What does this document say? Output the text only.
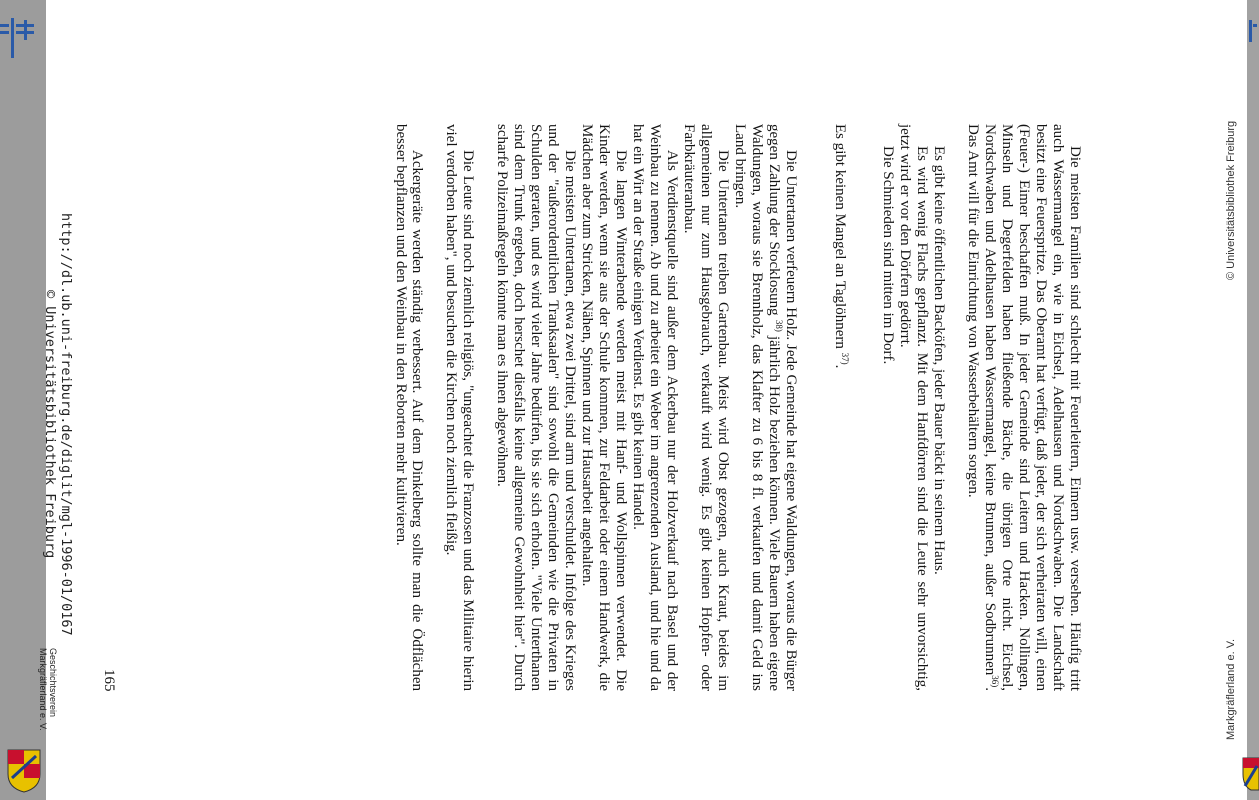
Die meisten Familien sind schlecht mit Feuerleitern, Eimern usw. versehen. Häufig tritt auch Wassermangel ein, wie in Eichsel, Adelhausen und Nordschwaben. Die Landschaft besitzt eine Feuerspritze. Das Oberamt hat verfügt, daß jeder, der sich verheiraten will, einen (Feuer-) Eimer beschaffen muß. In jeder Gemeinde sind Leitern und Hacken. Nollingen, Minseln und Degerfelden haben fließende Bäche, die übrigen Orte nicht. Eichsel, Nordschwaben und Adelhausen haben Wassermangel, keine Brunnen, außer Sodbrunnen$^{36)}$. Das Amt will für die Einrichtung von Wasserbehältern sorgen.

Es gibt keine öffentlichen Backöfen, jeder Bauer bäckt in seinem Haus.

Es wird wenig Flachs gepflanzt. Mit dem Hanfdörren sind die Leute sehr unvorsichtig, jetzt wird er vor den Dörfern gedörrt.

Die Schmieden sind mitten im Dorf.

Es gibt keinen Mangel an Taglöhnern $^{37)}$.

Die Untertanen verfeuern Holz. Jede Gemeinde hat eigene Waldungen, woraus die Bürger gegen Zahlung der Stocklosung $^{38)}$ jährlich Holz beziehen können. Viele Bauern haben eigene Waldungen, woraus sie Brennholz, das Klafter zu 6 bis 8 fl. verkaufen und damit Geld ins Land bringen.

Die Untertanen treiben Gartenbau. Meist wird Obst gezogen, auch Kraut, beides im allgemeinen nur zum Hausgebrauch, verkauft wird wenig. Es gibt keinen Hopfen- oder Farbkräuteranbau.

Als Verdienstquelle sind außer dem Ackerbau nur der Holzverkauf nach Basel und der Weinbau zu nennen. Ab und zu arbeitet ein Weber im angrenzenden Ausland, und hie und da hat ein Wirt an der Straße einigen Verdienst. Es gibt keinen Handel.

Die langen Winterabende werden meist mit Hanf- und Wollspinnen verwendet. Die Kinder werden, wenn sie aus der Schule kommen, zur Feldarbeit oder einem Handwerk, die Mädchen aber zum Stricken, Nähen, Spinnen und zur Hausarbeit angehalten.

Die meisten Untertanen, etwa zwei Drittel, sind arm und verschuldet. Infolge des Krieges und der "außerordentlichen Tranksaalen" sind sowohl die Gemeinden wie die Privaten in Schulden geraten, und es wird vieler Jahre bedürfen, bis sie sich erholen. "Viele Unterthanen sind dem Trunk ergeben, doch herschet diesfalls keine allgemeine Gewohnheit hier". Durch scharfe Polizeimaßregeln könnte man es ihnen abgewöhnen.

Die Leute sind noch ziemlich religiös, "ungeachtet die Franzosen und das Militaire hierin viel verdorben haben", und besuchen die Kirchen noch ziemlich fleißig.

Ackergeräte werden ständig verbessert. Auf dem Dinkelberg sollte man die Ödflächen besser bepflanzen und den Weinbau in den Reborten mehr kultivieren.

165
http://dl.ub.uni-freiburg.de/diglit/mgl-1996-01/0167
© Universitätsbibliothek Freiburg
Geschichtsverein
Markgräflerland e. V.
© Universitätsbibliothek Freiburg
Markgräflerland e. V.
